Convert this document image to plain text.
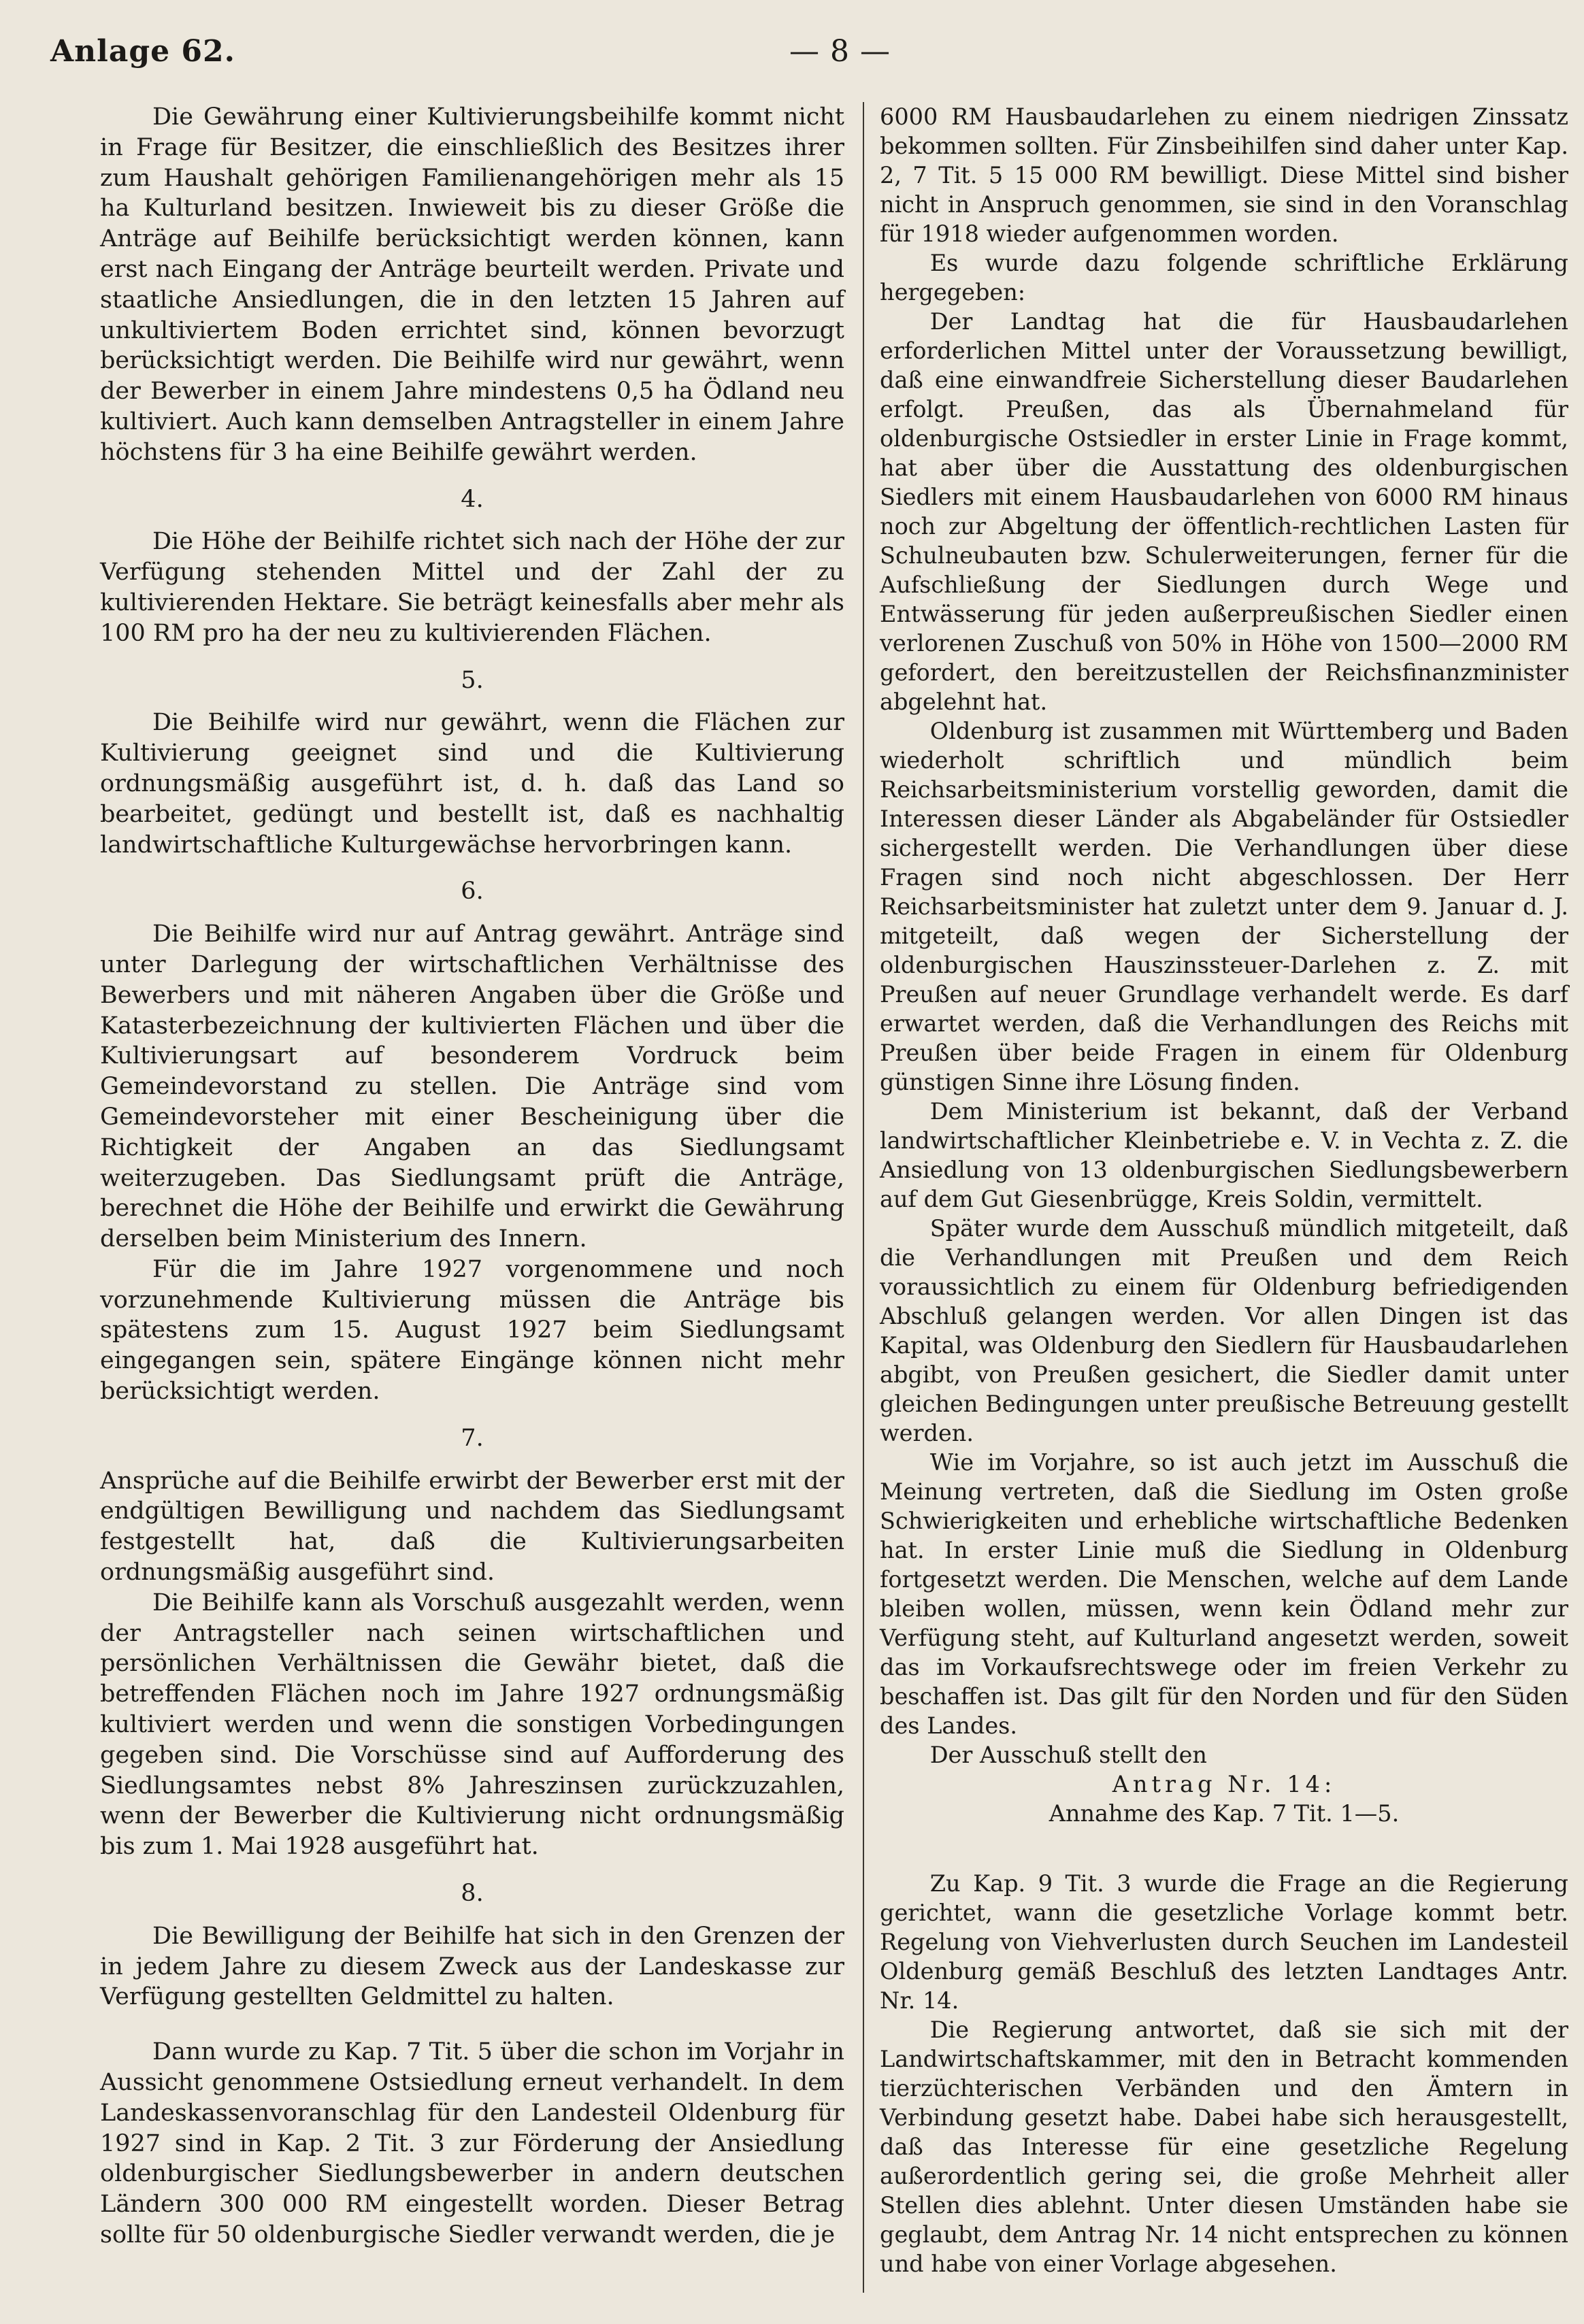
Anlage 62.	— 8 —

Die Gewährung einer Kultivierungsbeihilfe kommt nicht in Frage für Besitzer, die einschließlich des Besitzes ihrer zum Haushalt gehörigen Familienangehörigen mehr als 15 ha Kulturland besitzen. Inwieweit bis zu dieser Größe die Anträge auf Beihilfe berücksichtigt werden können, kann erst nach Eingang der Anträge beurteilt werden. Private und staatliche Ansiedlungen, die in den letzten 15 Jahren auf unkultiviertem Boden errichtet sind, können bevorzugt berücksichtigt werden. Die Beihilfe wird nur gewährt, wenn der Bewerber in einem Jahre mindestens 0,5 ha Ödland neu kultiviert. Auch kann demselben Antragsteller in einem Jahre höchstens für 3 ha eine Beihilfe gewährt werden.

4.

Die Höhe der Beihilfe richtet sich nach der Höhe der zur Verfügung stehenden Mittel und der Zahl der zu kultivierenden Hektare. Sie beträgt keinesfalls aber mehr als 100 RM pro ha der neu zu kultivierenden Flächen.

5.

Die Beihilfe wird nur gewährt, wenn die Flächen zur Kultivierung geeignet sind und die Kultivierung ordnungsmäßig ausgeführt ist, d. h. daß das Land so bearbeitet, gedüngt und bestellt ist, daß es nachhaltig landwirtschaftliche Kulturgewächse hervorbringen kann.

6.

Die Beihilfe wird nur auf Antrag gewährt. Anträge sind unter Darlegung der wirtschaftlichen Verhältnisse des Bewerbers und mit näheren Angaben über die Größe und Katasterbezeichnung der kultivierten Flächen und über die Kultivierungsart auf besonderem Vordruck beim Gemeindevorstand zu stellen. Die Anträge sind vom Gemeindevorsteher mit einer Bescheinigung über die Richtigkeit der Angaben an das Siedlungsamt weiterzugeben. Das Siedlungsamt prüft die Anträge, berechnet die Höhe der Beihilfe und erwirkt die Gewährung derselben beim Ministerium des Innern.

Für die im Jahre 1927 vorgenommene und noch vorzunehmende Kultivierung müssen die Anträge bis spätestens zum 15. August 1927 beim Siedlungsamt eingegangen sein, spätere Eingänge können nicht mehr berücksichtigt werden.

7.

Ansprüche auf die Beihilfe erwirbt der Bewerber erst mit der endgültigen Bewilligung und nachdem das Siedlungsamt festgestellt hat, daß die Kultivierungsarbeiten ordnungsmäßig ausgeführt sind.

Die Beihilfe kann als Vorschuß ausgezahlt werden, wenn der Antragsteller nach seinen wirtschaftlichen und persönlichen Verhältnissen die Gewähr bietet, daß die betreffenden Flächen noch im Jahre 1927 ordnungsmäßig kultiviert werden und wenn die sonstigen Vorbedingungen gegeben sind. Die Vorschüsse sind auf Aufforderung des Siedlungsamtes nebst 8% Jahreszinsen zurückzuzahlen, wenn der Bewerber die Kultivierung nicht ordnungsmäßig bis zum 1. Mai 1928 ausgeführt hat.

8.

Die Bewilligung der Beihilfe hat sich in den Grenzen der in jedem Jahre zu diesem Zweck aus der Landeskasse zur Verfügung gestellten Geldmittel zu halten.

Dann wurde zu Kap. 7 Tit. 5 über die schon im Vorjahr in Aussicht genommene Ostsiedlung erneut verhandelt. In dem Landeskassenvoranschlag für den Landesteil Oldenburg für 1927 sind in Kap. 2 Tit. 3 zur Förderung der Ansiedlung oldenburgischer Siedlungsbewerber in andern deutschen Ländern 300 000 RM eingestellt worden. Dieser Betrag sollte für 50 oldenburgische Siedler verwandt werden, die je

6000 RM Hausbaudarlehen zu einem niedrigen Zinssatz bekommen sollten. Für Zinsbeihilfen sind daher unter Kap. 2, 7 Tit. 5 15 000 RM bewilligt. Diese Mittel sind bisher nicht in Anspruch genommen, sie sind in den Voranschlag für 1918 wieder aufgenommen worden.

Es wurde dazu folgende schriftliche Erklärung hergegeben:

Der Landtag hat die für Hausbaudarlehen erforderlichen Mittel unter der Voraussetzung bewilligt, daß eine einwandfreie Sicherstellung dieser Baudarlehen erfolgt. Preußen, das als Übernahmeland für oldenburgische Ostsiedler in erster Linie in Frage kommt, hat aber über die Ausstattung des oldenburgischen Siedlers mit einem Hausbaudarlehen von 6000 RM hinaus noch zur Abgeltung der öffentlich-rechtlichen Lasten für Schulneubauten bzw. Schulerweiterungen, ferner für die Aufschließung der Siedlungen durch Wege und Entwässerung für jeden außerpreußischen Siedler einen verlorenen Zuschuß von 50% in Höhe von 1500—2000 RM gefordert, den bereitzustellen der Reichsfinanzminister abgelehnt hat.

Oldenburg ist zusammen mit Württemberg und Baden wiederholt schriftlich und mündlich beim Reichsarbeitsministerium vorstellig geworden, damit die Interessen dieser Länder als Abgabeländer für Ostsiedler sichergestellt werden. Die Verhandlungen über diese Fragen sind noch nicht abgeschlossen. Der Herr Reichsarbeitsminister hat zuletzt unter dem 9. Januar d. J. mitgeteilt, daß wegen der Sicherstellung der oldenburgischen Hauszinssteuer-Darlehen z. Z. mit Preußen auf neuer Grundlage verhandelt werde. Es darf erwartet werden, daß die Verhandlungen des Reichs mit Preußen über beide Fragen in einem für Oldenburg günstigen Sinne ihre Lösung finden.

Dem Ministerium ist bekannt, daß der Verband landwirtschaftlicher Kleinbetriebe e. V. in Vechta z. Z. die Ansiedlung von 13 oldenburgischen Siedlungsbewerbern auf dem Gut Giesenbrügge, Kreis Soldin, vermittelt.

Später wurde dem Ausschuß mündlich mitgeteilt, daß die Verhandlungen mit Preußen und dem Reich voraussichtlich zu einem für Oldenburg befriedigenden Abschluß gelangen werden. Vor allen Dingen ist das Kapital, was Oldenburg den Siedlern für Hausbaudarlehen abgibt, von Preußen gesichert, die Siedler damit unter gleichen Bedingungen unter preußische Betreuung gestellt werden.

Wie im Vorjahre, so ist auch jetzt im Ausschuß die Meinung vertreten, daß die Siedlung im Osten große Schwierigkeiten und erhebliche wirtschaftliche Bedenken hat. In erster Linie muß die Siedlung in Oldenburg fortgesetzt werden. Die Menschen, welche auf dem Lande bleiben wollen, müssen, wenn kein Ödland mehr zur Verfügung steht, auf Kulturland angesetzt werden, soweit das im Vorkaufsrechtswege oder im freien Verkehr zu beschaffen ist. Das gilt für den Norden und für den Süden des Landes.

Der Ausschuß stellt den

Antrag Nr. 14:

Annahme des Kap. 7 Tit. 1—5.

Zu Kap. 9 Tit. 3 wurde die Frage an die Regierung gerichtet, wann die gesetzliche Vorlage kommt betr. Regelung von Viehverlusten durch Seuchen im Landesteil Oldenburg gemäß Beschluß des letzten Landtages Antr. Nr. 14.

Die Regierung antwortet, daß sie sich mit der Landwirtschaftskammer, mit den in Betracht kommenden tierzüchterischen Verbänden und den Ämtern in Verbindung gesetzt habe. Dabei habe sich herausgestellt, daß das Interesse für eine gesetzliche Regelung außerordentlich gering sei, die große Mehrheit aller Stellen dies ablehnt. Unter diesen Umständen habe sie geglaubt, dem Antrag Nr. 14 nicht entsprechen zu können und habe von einer Vorlage abgesehen.
